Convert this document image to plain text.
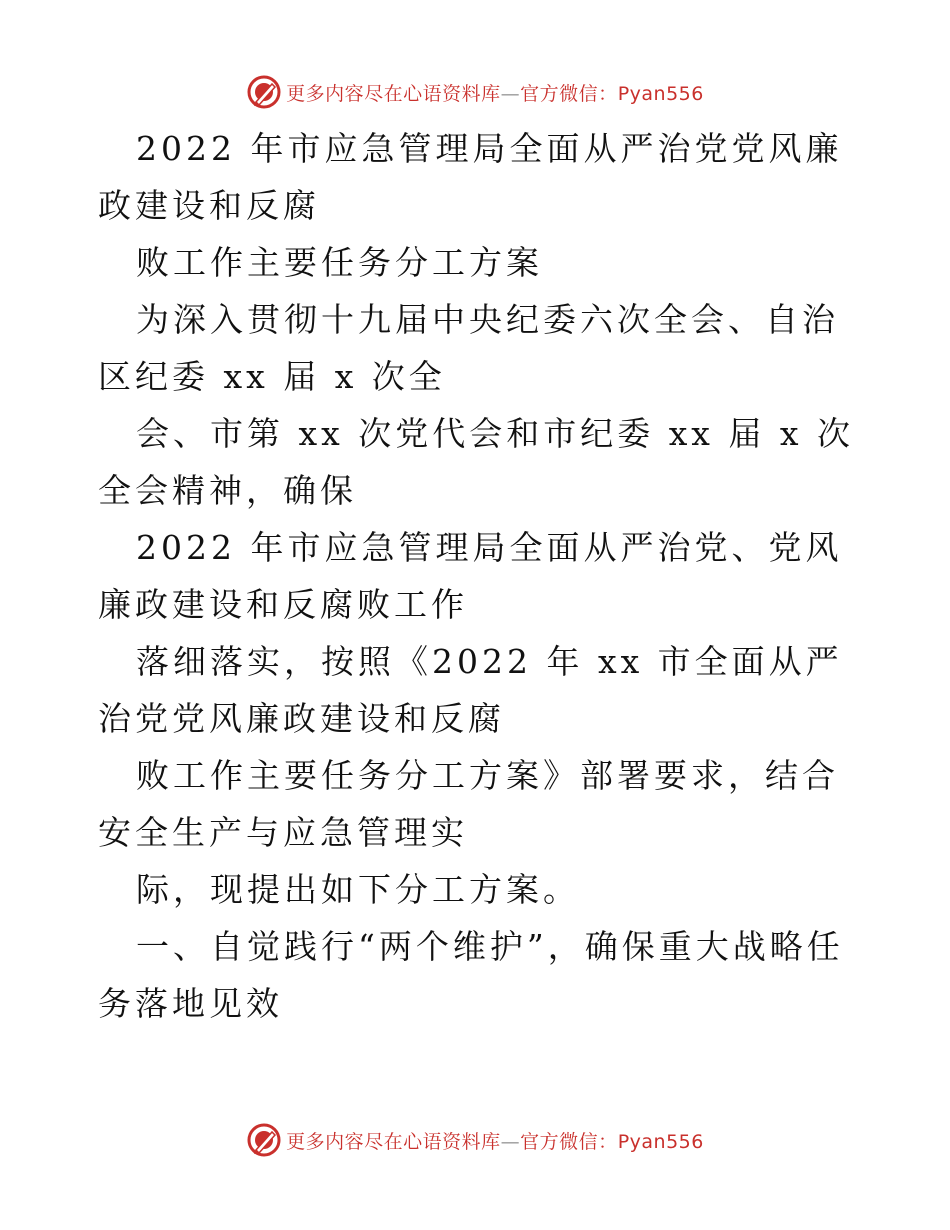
更多内容尽在心语资料库—官方微信：Pyan556

2022 年市应急管理局全面从严治党党风廉政建设和反腐

败工作主要任务分工方案

为深入贯彻十九届中央纪委六次全会、自治区纪委 xx 届 x 次全

会、市第 xx 次党代会和市纪委 xx 届 x 次全会精神，确保

2022 年市应急管理局全面从严治党、党风廉政建设和反腐败工作

落细落实，按照《2022 年 xx 市全面从严治党党风廉政建设和反腐

败工作主要任务分工方案》部署要求，结合安全生产与应急管理实

际，现提出如下分工方案。

一、自觉践行“两个维护”，确保重大战略任务落地见效

更多内容尽在心语资料库—官方微信：Pyan556
